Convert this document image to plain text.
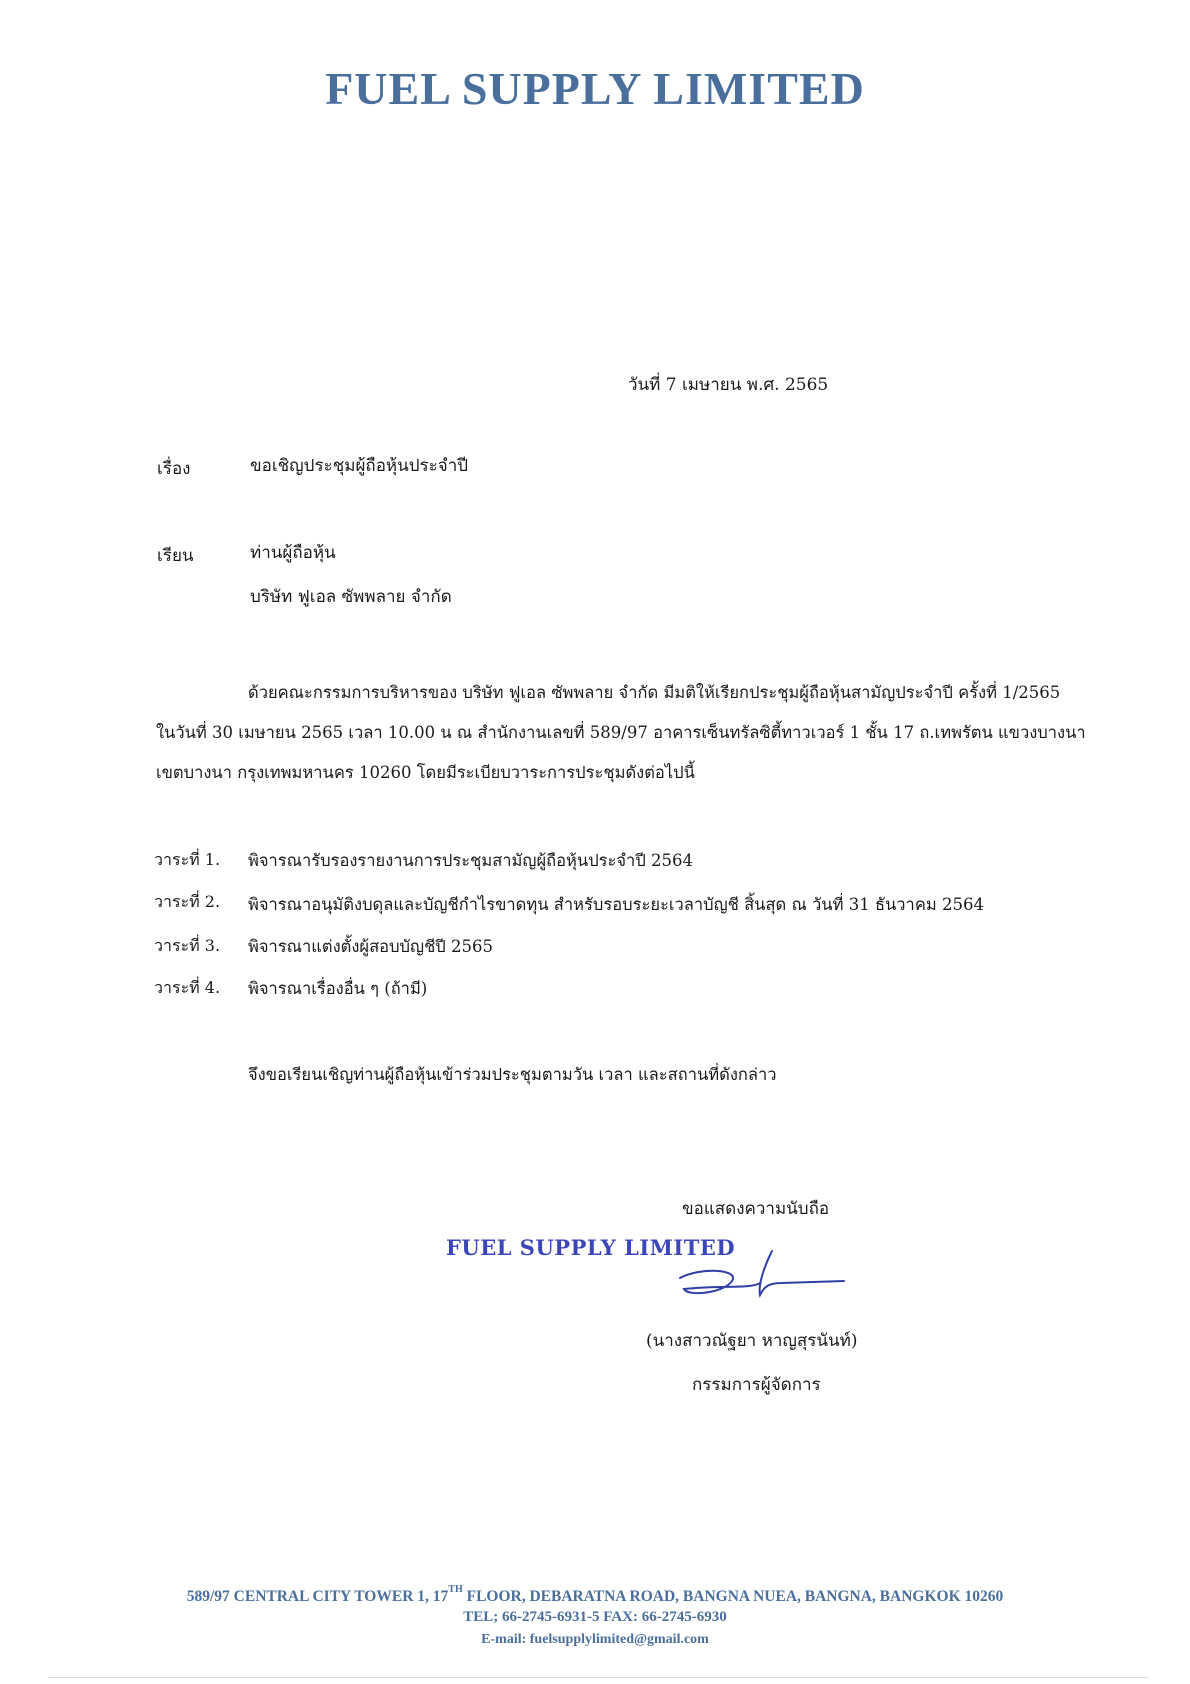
FUEL SUPPLY LIMITED
วันที่ 7 เมษายน พ.ศ. 2565
เรื่อง	ขอเชิญประชุมผู้ถือหุ้นประจำปี
เรียน	ท่านผู้ถือหุ้น
บริษัท ฟูเอล ซัพพลาย จำกัด
ด้วยคณะกรรมการบริหารของ บริษัท ฟูเอล ซัพพลาย จำกัด มีมติให้เรียกประชุมผู้ถือหุ้นสามัญประจำปี ครั้งที่ 1/2565
ในวันที่ 30 เมษายน 2565 เวลา 10.00 น ณ สำนักงานเลขที่ 589/97 อาคารเซ็นทรัลซิตี้ทาวเวอร์ 1 ชั้น 17 ถ.เทพรัตน แขวงบางนา
เขตบางนา กรุงเทพมหานคร 10260 โดยมีระเบียบวาระการประชุมดังต่อไปนี้
วาระที่ 1. พิจารณารับรองรายงานการประชุมสามัญผู้ถือหุ้นประจำปี 2564
วาระที่ 2. พิจารณาอนุมัติงบดุลและบัญชีกำไรขาดทุน สำหรับรอบระยะเวลาบัญชี สิ้นสุด ณ วันที่ 31 ธันวาคม 2564
วาระที่ 3. พิจารณาแต่งตั้งผู้สอบบัญชีปี 2565
วาระที่ 4. พิจารณาเรื่องอื่น ๆ (ถ้ามี)
จึงขอเรียนเชิญท่านผู้ถือหุ้นเข้าร่วมประชุมตามวัน เวลา และสถานที่ดังกล่าว
ขอแสดงความนับถือ
FUEL SUPPLY LIMITED
(นางสาวณัฐยา หาญสุรนันท์)
กรรมการผู้จัดการ
589/97 CENTRAL CITY TOWER 1, 17TH FLOOR, DEBARATNA ROAD, BANGNA NUEA, BANGNA, BANGKOK 10260
TEL; 66-2745-6931-5 FAX: 66-2745-6930
E-mail: fuelsupplylimited@gmail.com
